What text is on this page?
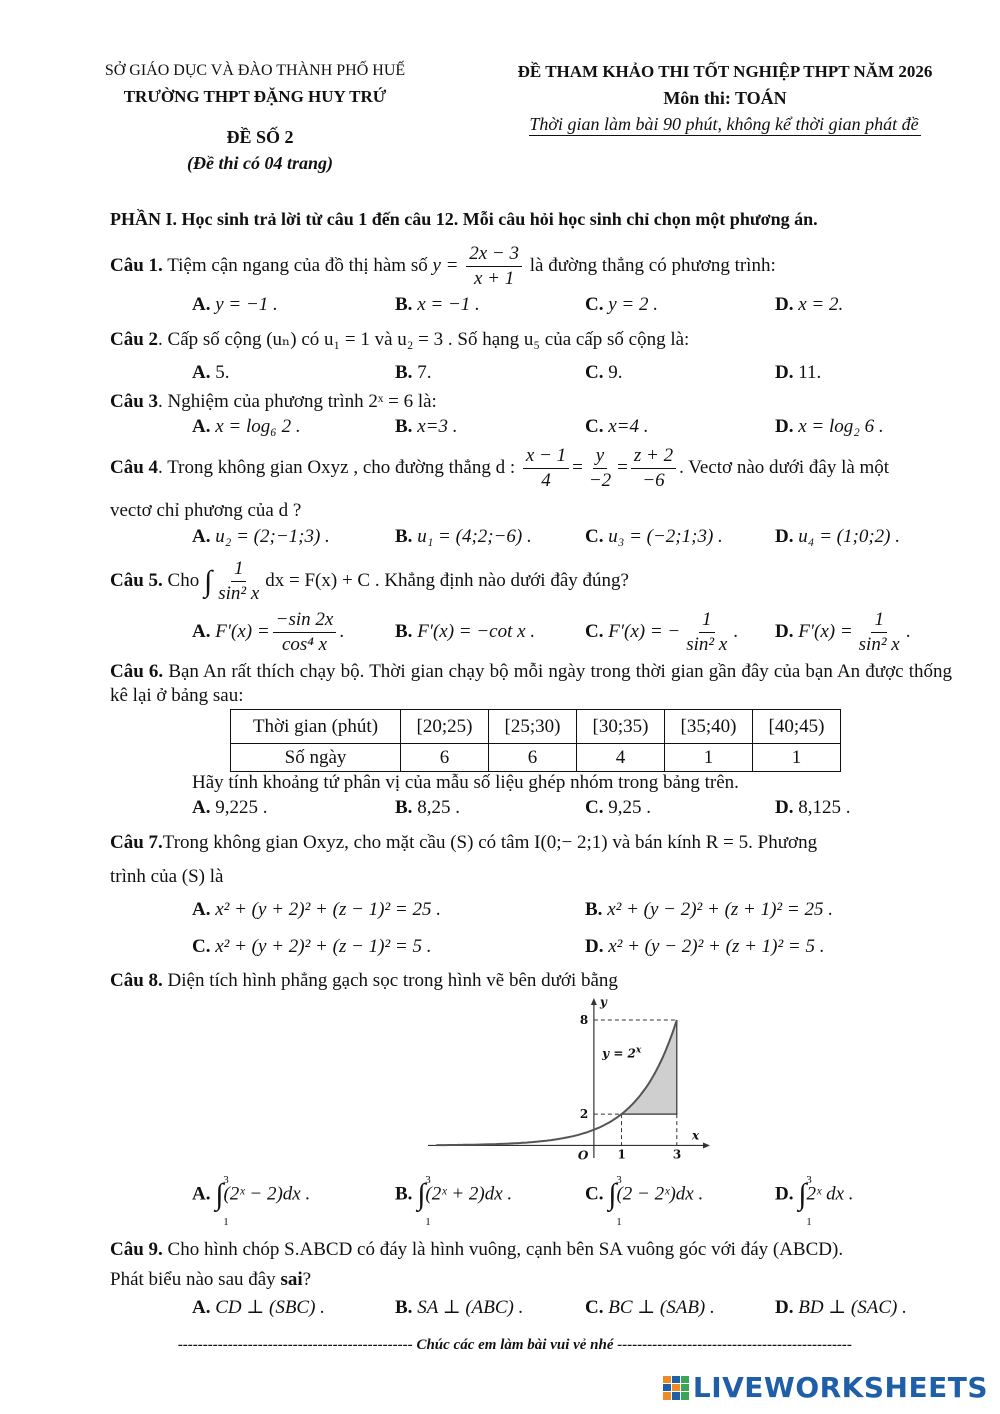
SỞ GIÁO DỤC VÀ ĐÀO THÀNH PHỐ HUẾ
TRƯỜNG THPT ĐẶNG HUY TRỨ
ĐỀ SỐ 2
(Đề thi có 04 trang)
ĐỀ THAM KHẢO THI TỐT NGHIỆP THPT NĂM 2026
Môn thi: TOÁN
Thời gian làm bài 90 phút, không kể thời gian phát đề
PHẦN I. Học sinh trả lời từ câu 1 đến câu 12. Mỗi câu hỏi học sinh chỉ chọn một phương án.
Câu 1. Tiệm cận ngang của đồ thị hàm số $y = \frac{2x - 3}{x + 1}$ là đường thẳng có phương trình:
A. y = −1 .	B. x = −1 .	C. y = 2 .	D. x = 2.
Câu 2. Cấp số cộng (uₙ) có u₁ = 1 và u₂ = 3 . Số hạng u₅ của cấp số cộng là:
A. 5.	B. 7.	C. 9.	D. 11.
Câu 3. Nghiệm của phương trình 2ˣ = 6 là:
A. x = log₆ 2 .	B. x=3 .	C. x=4 .	D. x = log₂ 6 .
Câu 4. Trong không gian Oxyz , cho đường thẳng d : $\frac{x - 1}{4} = \frac{y}{-2} = \frac{z + 2}{-6}$ . Vectơ nào dưới đây là một
vectơ chỉ phương của d ?
A. u₂ = (2;−1;3) .	B. u₁ = (4;2;−6) .	C. u₃ = (−2;1;3) .	D. u₄ = (1;0;2) .
Câu 5. Cho ∫ $\frac{1}{\text{sin² x}}$ dx = F(x) + C . Khẳng định nào dưới đây đúng?
A. $F'(x) = \frac{-\sin 2x}{\text{cos⁴ x}}$ .	B. F′(x) = −cot x .	C. F′(x) = − $\frac{1}{\text{sin² x}}$ . D. $F'(x) = \frac{1}{\text{sin² x}}$ .
Câu 6. Bạn An rất thích chạy bộ. Thời gian chạy bộ mỗi ngày trong thời gian gần đây của bạn An được thống kê lại ở bảng sau:
Thời gian (phút)	[20;25)	[25;30)	[30;35)	[35;40)	[40;45)
Số ngày	6	6	4	1	1
Hãy tính khoảng tứ phân vị của mẫu số liệu ghép nhóm trong bảng trên.
A. 9,225 .	B. 8,25 .	C. 9,25 .	D. 8,125 .
Câu 7.Trong không gian Oxyz, cho mặt cầu (S) có tâm I(0;− 2;1) và bán kính R = 5. Phương
trình của (S) là
A. x² + (y + 2)² + (z − 1)² = 25 .	B. x² + (y − 2)² + (z + 1)² = 25 .
C. x² + (y + 2)² + (z − 1)² = 5 .	D. x² + (y − 2)² + (z + 1)² = 5 .
Câu 8. Diện tích hình phẳng gạch sọc trong hình vẽ bên dưới bằng
1	3
2
8
O
x
y
$y = 2^x$
A. ∫ 3
1
(2ˣ − 2)dx .	B. ∫ 3
1
(2ˣ + 2)dx .	C. ∫ 3
1
(2 − 2ˣ)dx .	D. ∫ 3
1
2ˣ dx .
Câu 9. Cho hình chóp S.ABCD có đáy là hình vuông, cạnh bên SA vuông góc với đáy (ABCD).
Phát biểu nào sau đây sai?
A. CD ⊥ (SBC) .	B. SA ⊥ (ABC) .	C. BC ⊥ (SAB) .	D. BD ⊥ (SAC) .
----------------------------------------------- Chúc các em làm bài vui vẻ nhé -----------------------------------------------
LIVEWORKSHEETS
